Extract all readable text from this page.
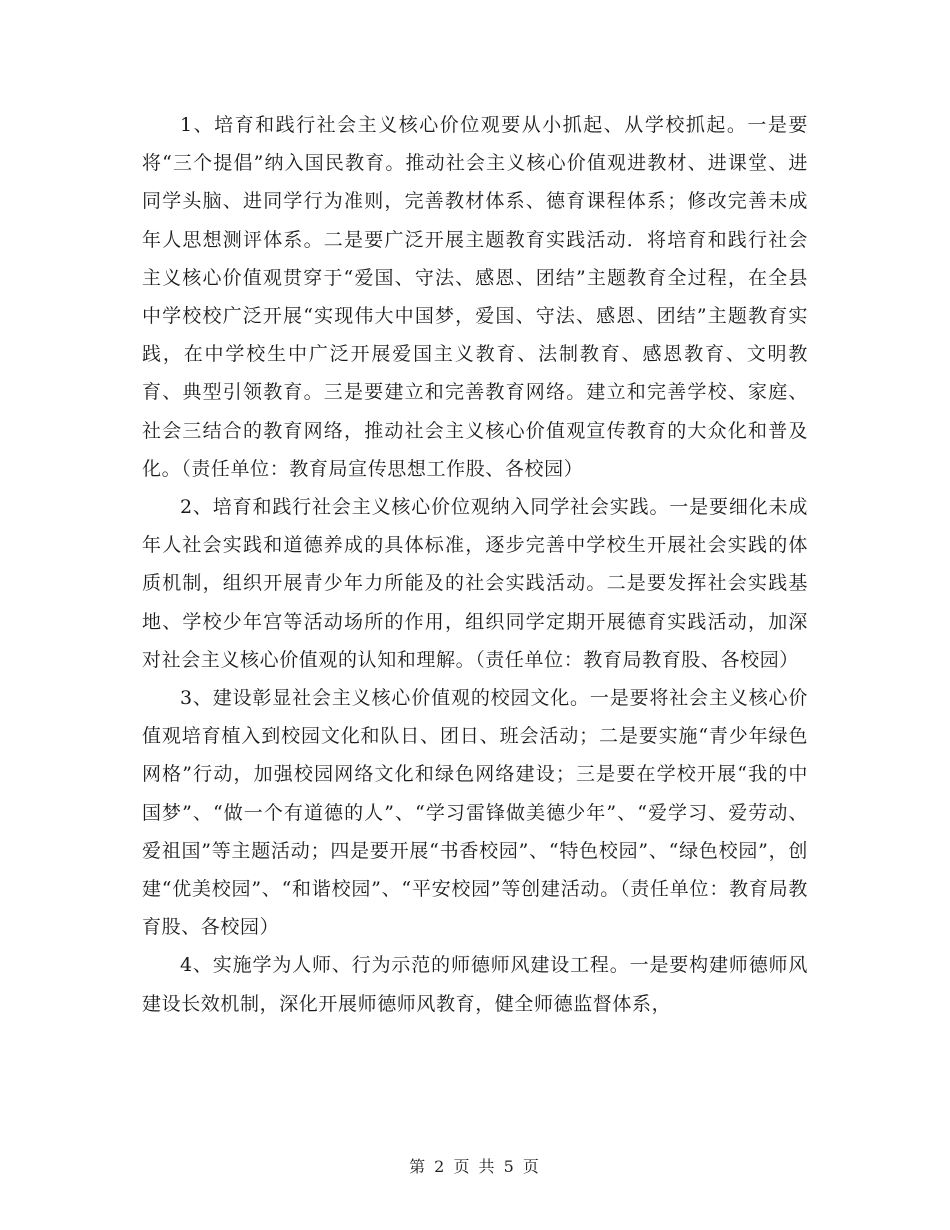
1、培育和践行社会主义核心价位观要从小抓起、从学校抓起。一是要将“三个提倡”纳入国民教育。推动社会主义核心价值观进教材、进课堂、进同学头脑、进同学行为准则，完善教材体系、德育课程体系；修改完善未成年人思想测评体系。二是要广泛开展主题教育实践活动．将培育和践行社会主义核心价值观贯穿于“爱国、守法、感恩、团结”主题教育全过程，在全县中学校校广泛开展“实现伟大中国梦，爱国、守法、感恩、团结”主题教育实践，在中学校生中广泛开展爱国主义教育、法制教育、感恩教育、文明教育、典型引领教育。三是要建立和完善教育网络。建立和完善学校、家庭、社会三结合的教育网络，推动社会主义核心价值观宣传教育的大众化和普及化。（责任单位：教育局宣传思想工作股、各校园）

2、培育和践行社会主义核心价位观纳入同学社会实践。一是要细化未成年人社会实践和道德养成的具体标准，逐步完善中学校生开展社会实践的体质机制，组织开展青少年力所能及的社会实践活动。二是要发挥社会实践基地、学校少年宫等活动场所的作用，组织同学定期开展德育实践活动，加深对社会主义核心价值观的认知和理解。（责任单位：教育局教育股、各校园）

3、建设彰显社会主义核心价值观的校园文化。一是要将社会主义核心价值观培育植入到校园文化和队日、团日、班会活动；二是要实施“青少年绿色网格”行动，加强校园网络文化和绿色网络建设；三是要在学校开展“我的中国梦”、“做一个有道德的人”、“学习雷锋做美德少年”、“爱学习、爱劳动、爱祖国”等主题活动；四是要开展“书香校园”、“特色校园”、“绿色校园”，创建“优美校园”、“和谐校园”、“平安校园”等创建活动。（责任单位：教育局教育股、各校园）

4、实施学为人师、行为示范的师德师风建设工程。一是要构建师德师风建设长效机制，深化开展师德师风教育，健全师德监督体系，

第 2 页 共 5 页
